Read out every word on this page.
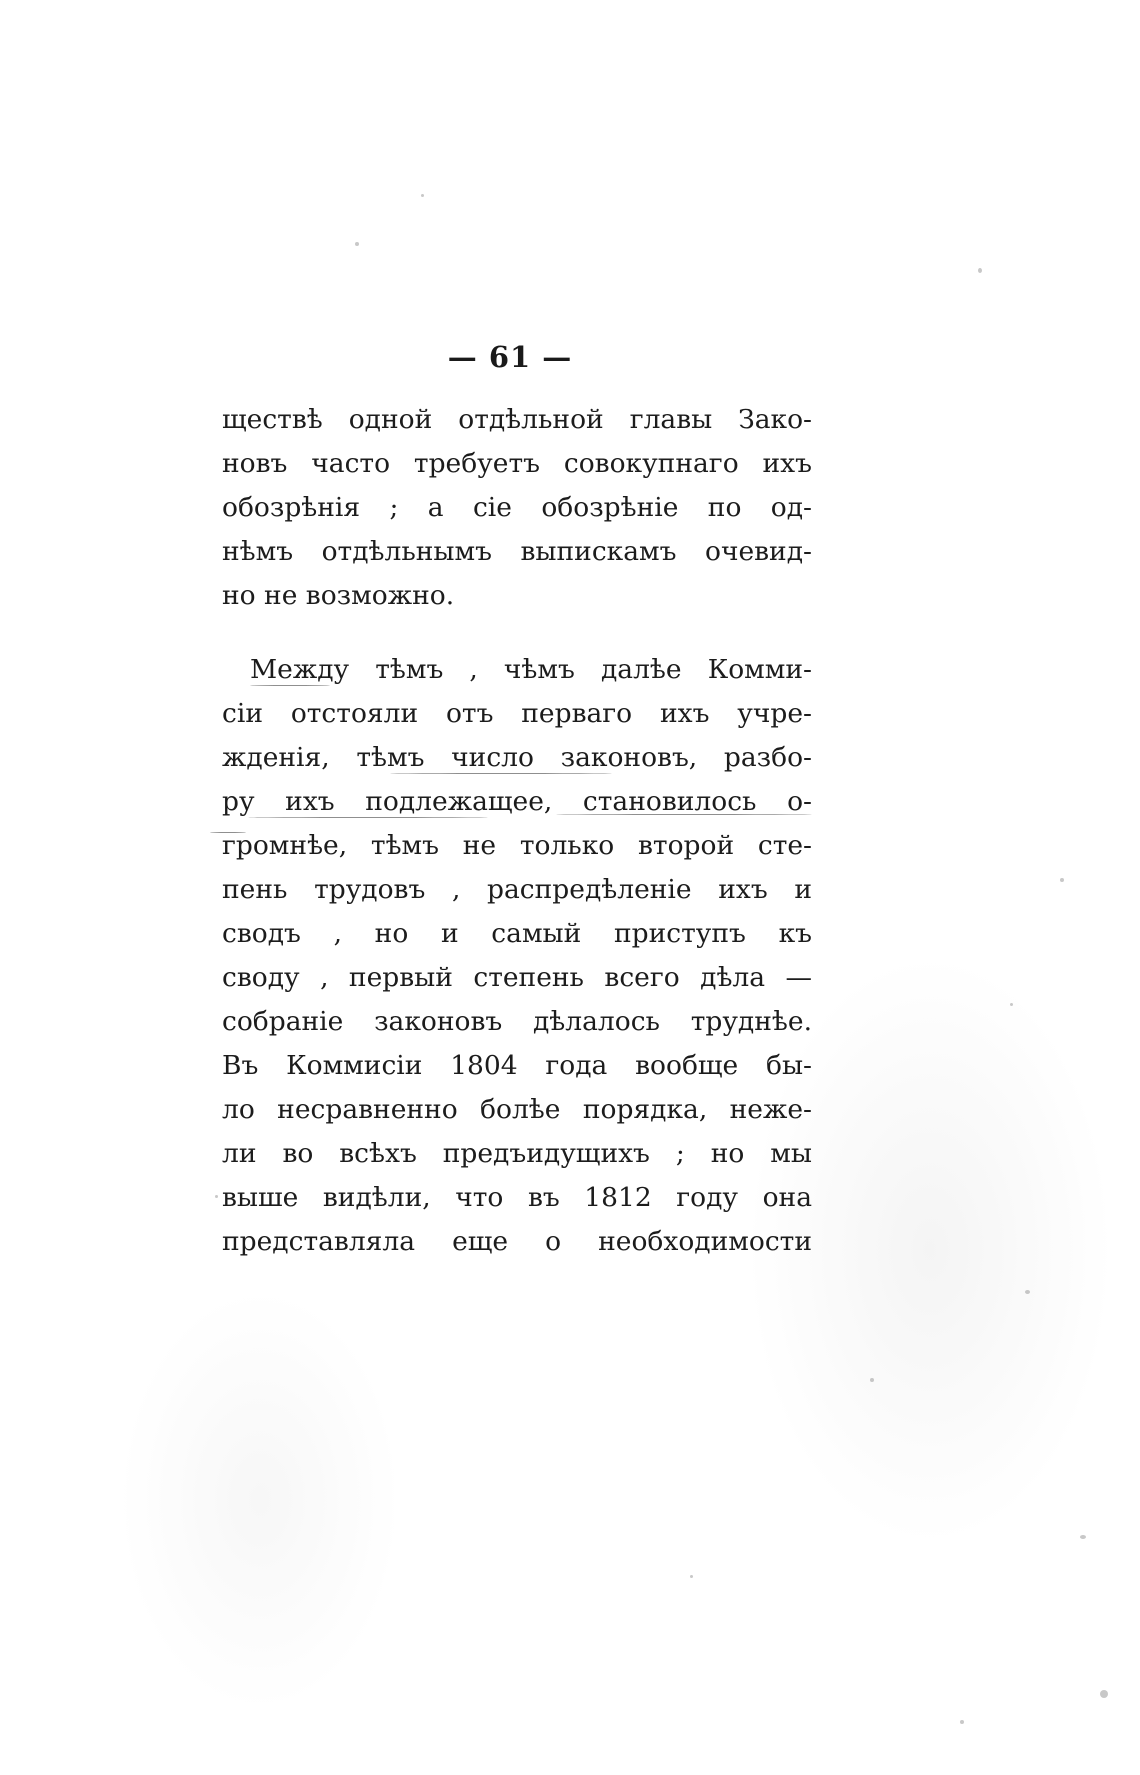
— 61 —
ществѣ одной отдѣльной главы Зако-
новъ часто требуетъ совокупнаго ихъ
обозрѣнія ; а сіе обозрѣніе по од-
нѣмъ отдѣльнымъ выпискамъ очевид-
но не возможно.
Между тѣмъ , чѣмъ далѣе Комми-
сіи отстояли отъ перваго ихъ учре-
жденія, тѣмъ число законовъ, разбо-
ру ихъ подлежащее, становилось о-
громнѣе, тѣмъ не только второй сте-
пень трудовъ , распредѣленіе ихъ и
сводъ , но и самый приступъ къ
своду , первый степень всего дѣла —
собраніе законовъ дѣлалось труднѣе.
Въ Коммисіи 1804 года вообще бы-
ло несравненно болѣе порядка, неже-
ли во всѣхъ предъидущихъ ; но мы
выше видѣли, что въ 1812 году она
представляла еще о необходимости
